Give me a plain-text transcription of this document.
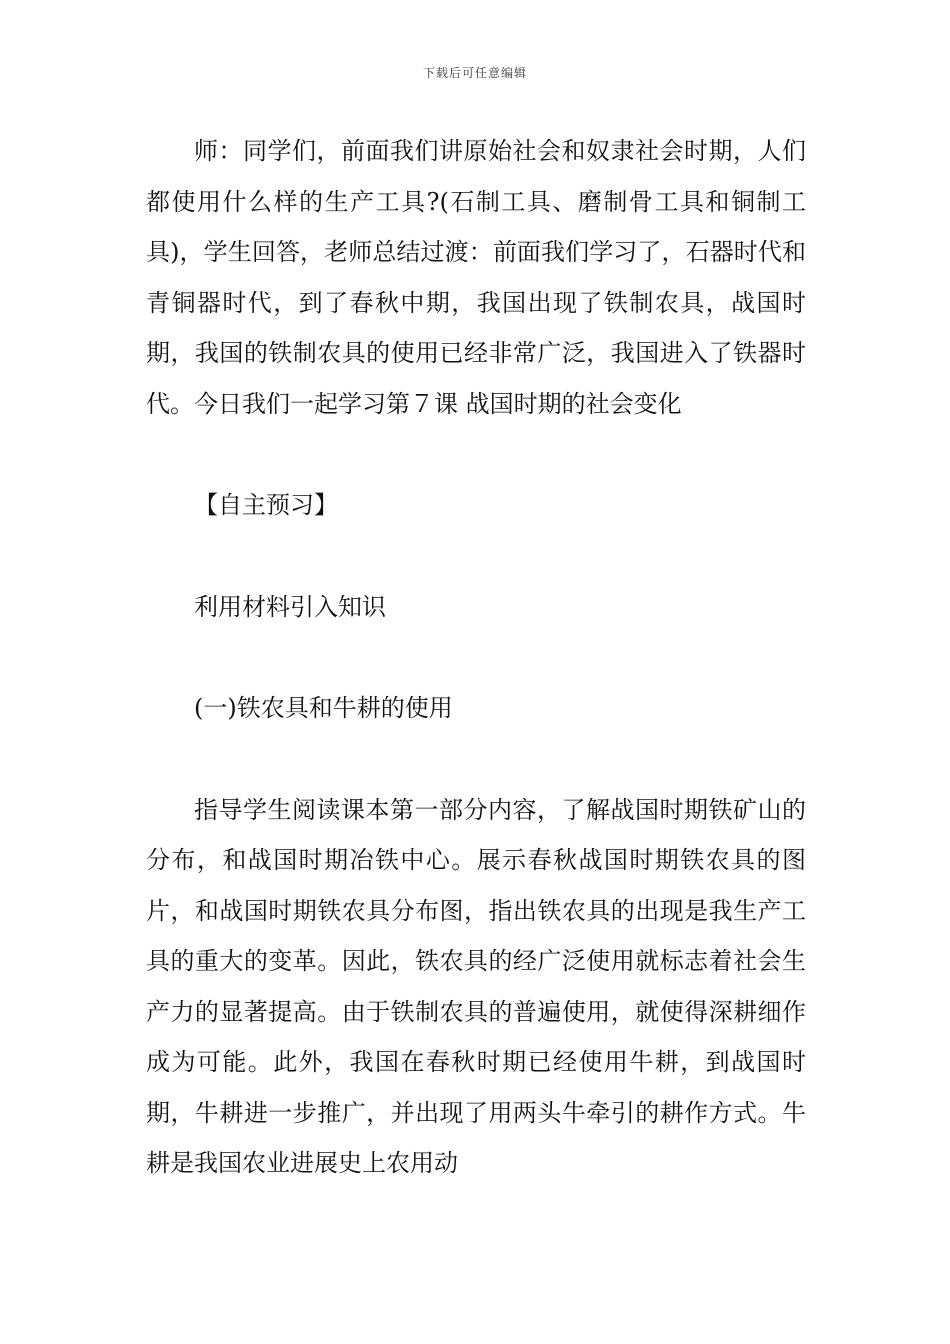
下载后可任意编辑

师：同学们，前面我们讲原始社会和奴隶社会时期，人们都使用什么样的生产工具?(石制工具、磨制骨工具和铜制工具)，学生回答，老师总结过渡：前面我们学习了，石器时代和青铜器时代，到了春秋中期，我国出现了铁制农具，战国时期，我国的铁制农具的使用已经非常广泛，我国进入了铁器时代。今日我们一起学习第７课 战国时期的社会变化

【自主预习】

利用材料引入知识

(一)铁农具和牛耕的使用

指导学生阅读课本第一部分内容，了解战国时期铁矿山的分布，和战国时期冶铁中心。展示春秋战国时期铁农具的图片，和战国时期铁农具分布图，指出铁农具的出现是我生产工具的重大的变革。因此，铁农具的经广泛使用就标志着社会生产力的显著提高。由于铁制农具的普遍使用，就使得深耕细作成为可能。此外，我国在春秋时期已经使用牛耕，到战国时期，牛耕进一步推广，并出现了用两头牛牵引的耕作方式。牛耕是我国农业进展史上农用动
